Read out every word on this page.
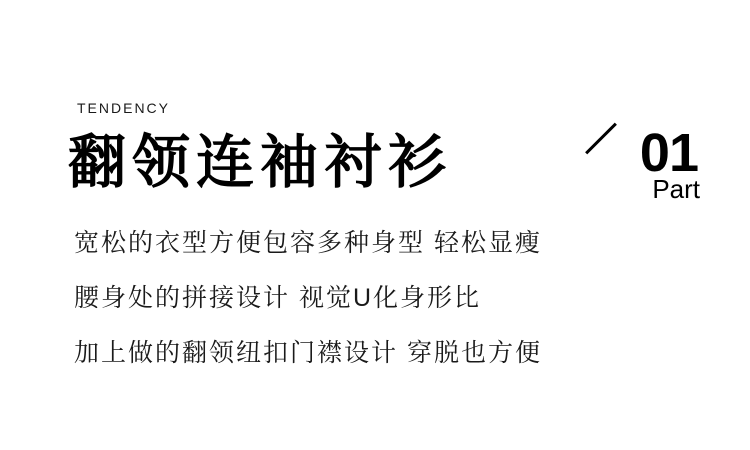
TENDENCY
翻领连袖衬衫	01
Part

宽松的衣型方便包容多种身型 轻松显瘦

腰身处的拼接设计 视觉U化身形比

加上做的翻领纽扣门襟设计 穿脱也方便
